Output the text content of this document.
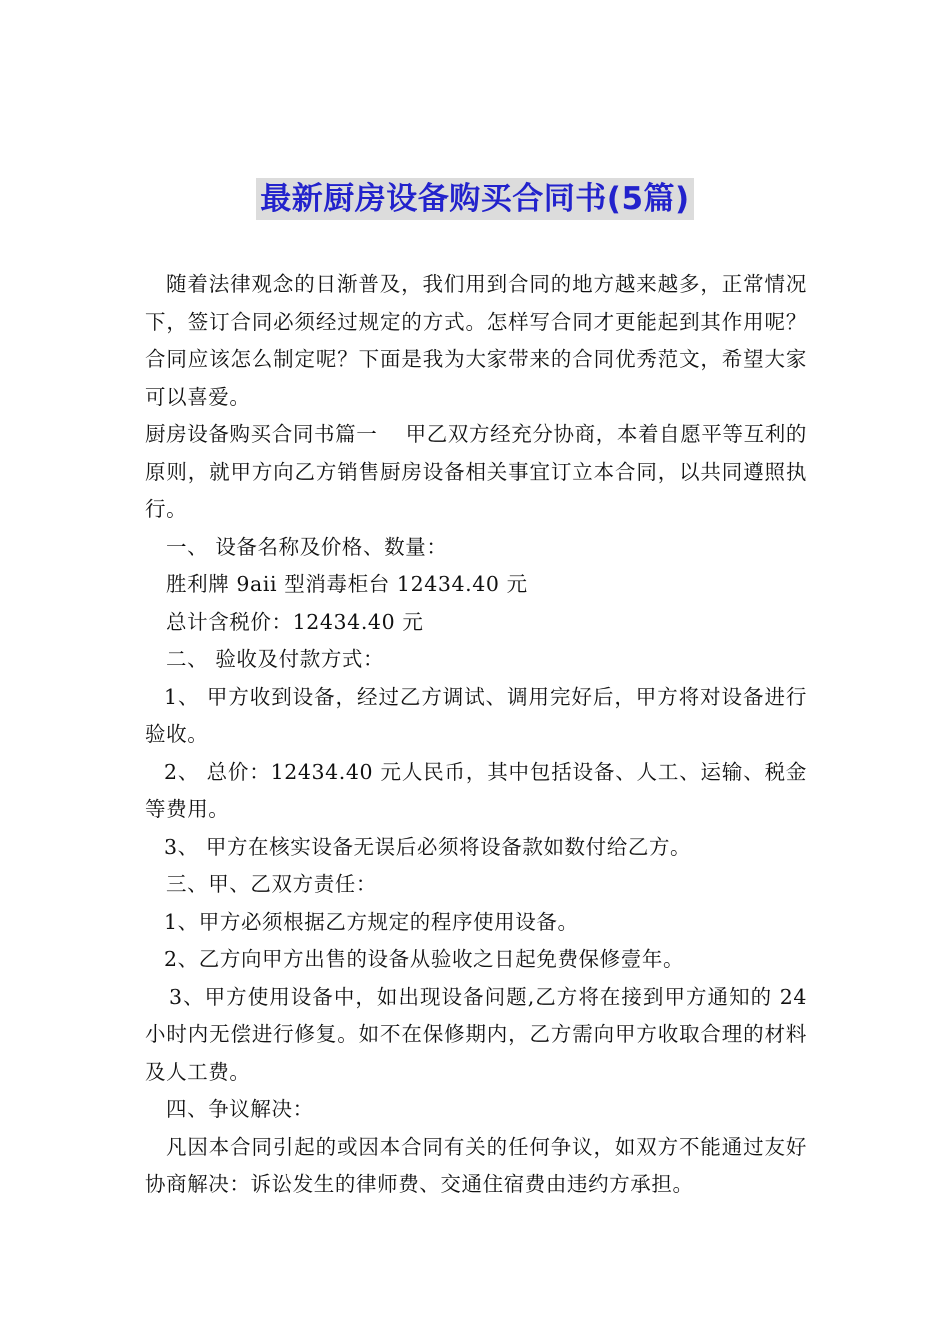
最新厨房设备购买合同书(5篇)

随着法律观念的日渐普及，我们用到合同的地方越来越多，正常情况下，签订合同必须经过规定的方式。怎样写合同才更能起到其作用呢？合同应该怎么制定呢？下面是我为大家带来的合同优秀范文，希望大家可以喜爱。

厨房设备购买合同书篇一　 甲乙双方经充分协商，本着自愿平等互利的原则，就甲方向乙方销售厨房设备相关事宜订立本合同，以共同遵照执行。

一、 设备名称及价格、数量：

胜利牌 9aii 型消毒柜台 12434.40 元

总计含税价：12434.40 元

二、 验收及付款方式：

1、 甲方收到设备，经过乙方调试、调用完好后，甲方将对设备进行验收。

2、 总价：12434.40 元人民币，其中包括设备、人工、运输、税金等费用。

3、 甲方在核实设备无误后必须将设备款如数付给乙方。

三、甲、乙双方责任：

1、甲方必须根据乙方规定的程序使用设备。

2、乙方向甲方出售的设备从验收之日起免费保修壹年。

3、甲方使用设备中，如出现设备问题,乙方将在接到甲方通知的 24 小时内无偿进行修复。如不在保修期内，乙方需向甲方收取合理的材料及人工费。

四、争议解决：

凡因本合同引起的或因本合同有关的任何争议，如双方不能通过友好协商解决：诉讼发生的律师费、交通住宿费由违约方承担。
